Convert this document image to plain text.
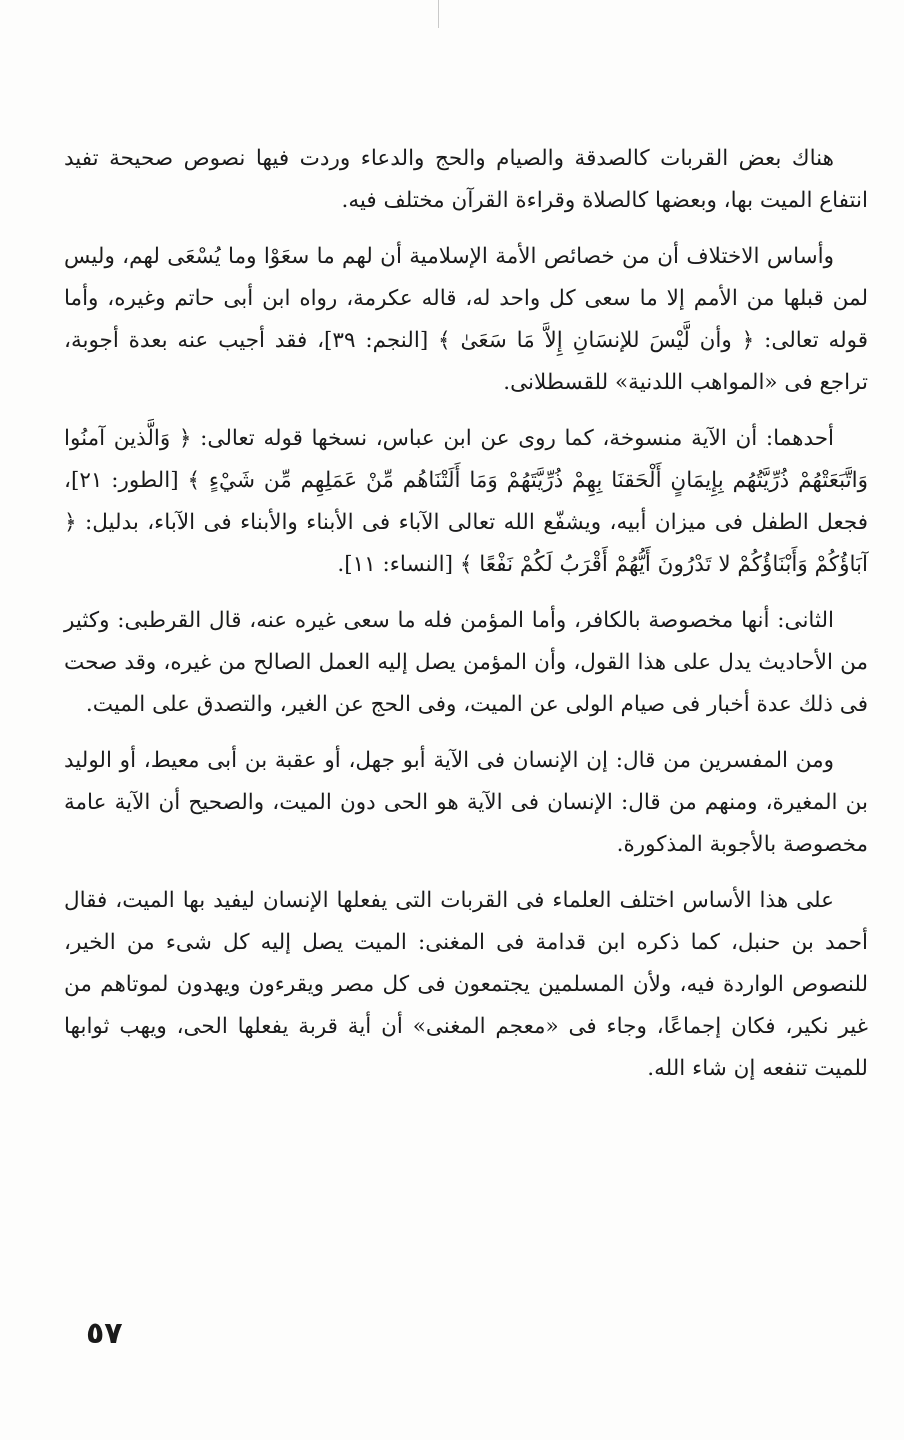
هناك بعض القربات كالصدقة والصيام والحج والدعاء وردت فيها نصوص صحيحة تفيد انتفاع الميت بها، وبعضها كالصلاة وقراءة القرآن مختلف فيه.

وأساس الاختلاف أن من خصائص الأمة الإسلامية أن لهم ما سعَوْا وما يُسْعَى لهم، وليس لمن قبلها من الأمم إلا ما سعى كل واحد له، قاله عكرمة، رواه ابن أبى حاتم وغيره، وأما قوله تعالى: ﴿ وأن لَّيْسَ للإنسَانِ إِلاَّ مَا سَعَىٰ ﴾ [النجم: ٣٩]، فقد أجيب عنه بعدة أجوبة، تراجع فى «المواهب اللدنية» للقسطلانى.

أحدهما: أن الآية منسوخة، كما روى عن ابن عباس، نسخها قوله تعالى: ﴿ وَالَّذين آمنُوا وَاتَّبَعَتْهُمْ ذُرِّيَّتُهُم بِإِيمَانٍ أَلْحَقنَا بِهِمْ ذُرِّيَّتَهُمْ وَمَا أَلَتْنَاهُم مِّنْ عَمَلِهِم مِّن شَيْءٍ ﴾ [الطور: ٢١]، فجعل الطفل فى ميزان أبيه، ويشفّع الله تعالى الآباء فى الأبناء والأبناء فى الآباء، بدليل: ﴿ آبَاؤُكُمْ وَأَبْنَاؤُكُمْ لا تَدْرُونَ أَيُّهُمْ أَقْرَبُ لَكُمْ نَفْعًا ﴾ [النساء: ١١].

الثانى: أنها مخصوصة بالكافر، وأما المؤمن فله ما سعى غيره عنه، قال القرطبى: وكثير من الأحاديث يدل على هذا القول، وأن المؤمن يصل إليه العمل الصالح من غيره، وقد صحت فى ذلك عدة أخبار فى صيام الولى عن الميت، وفى الحج عن الغير، والتصدق على الميت.

ومن المفسرين من قال: إن الإنسان فى الآية أبو جهل، أو عقبة بن أبى معيط، أو الوليد بن المغيرة، ومنهم من قال: الإنسان فى الآية هو الحى دون الميت، والصحيح أن الآية عامة مخصوصة بالأجوبة المذكورة.

على هذا الأساس اختلف العلماء فى القربات التى يفعلها الإنسان ليفيد بها الميت، فقال أحمد بن حنبل، كما ذكره ابن قدامة فى المغنى: الميت يصل إليه كل شىء من الخير، للنصوص الواردة فيه، ولأن المسلمين يجتمعون فى كل مصر ويقرءون ويهدون لموتاهم من غير نكير، فكان إجماعًا، وجاء فى «معجم المغنى» أن أية قربة يفعلها الحى، ويهب ثوابها للميت تنفعه إن شاء الله.

٥٧
